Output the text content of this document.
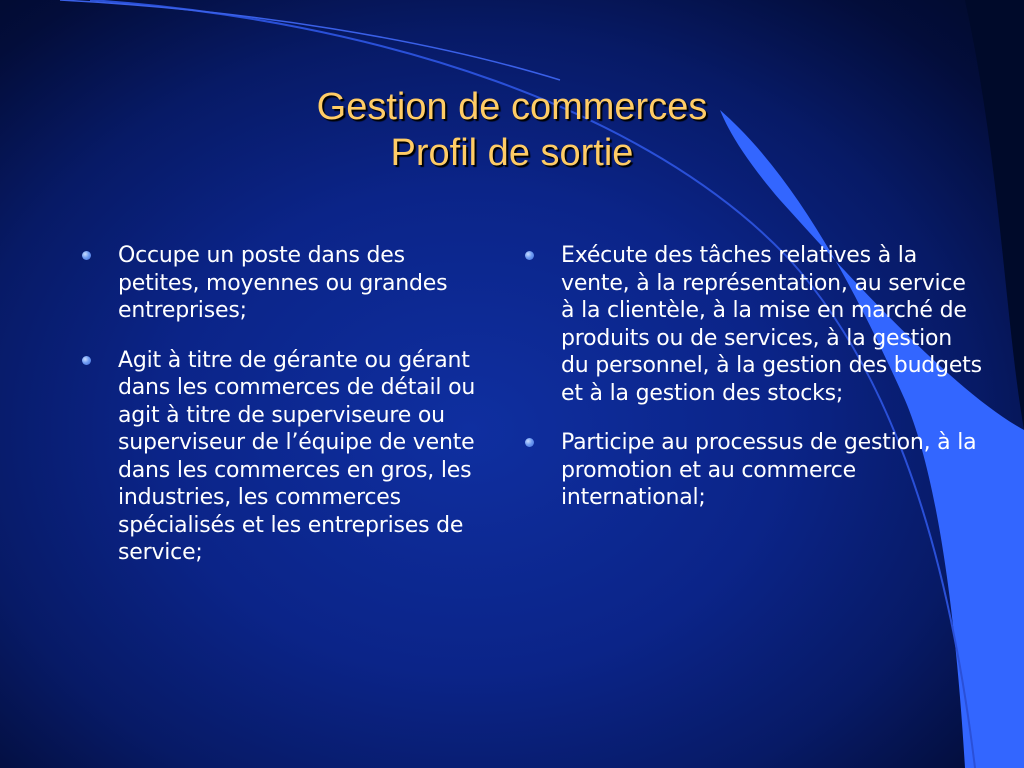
Gestion de commerces
Profil de sortie
Occupe un poste dans des petites, moyennes ou grandes entreprises;
Agit à titre de gérante ou gérant dans les commerces de détail ou agit à titre de superviseure ou superviseur de l’équipe de vente dans les commerces en gros, les industries, les commerces spécialisés et les entreprises de service;
Exécute des tâches relatives à la vente, à la représentation, au service à la clientèle, à la mise en marché de produits ou de services, à la gestion du personnel, à la gestion des budgets et à la gestion des stocks;
Participe au processus de gestion, à la promotion et au commerce international;
